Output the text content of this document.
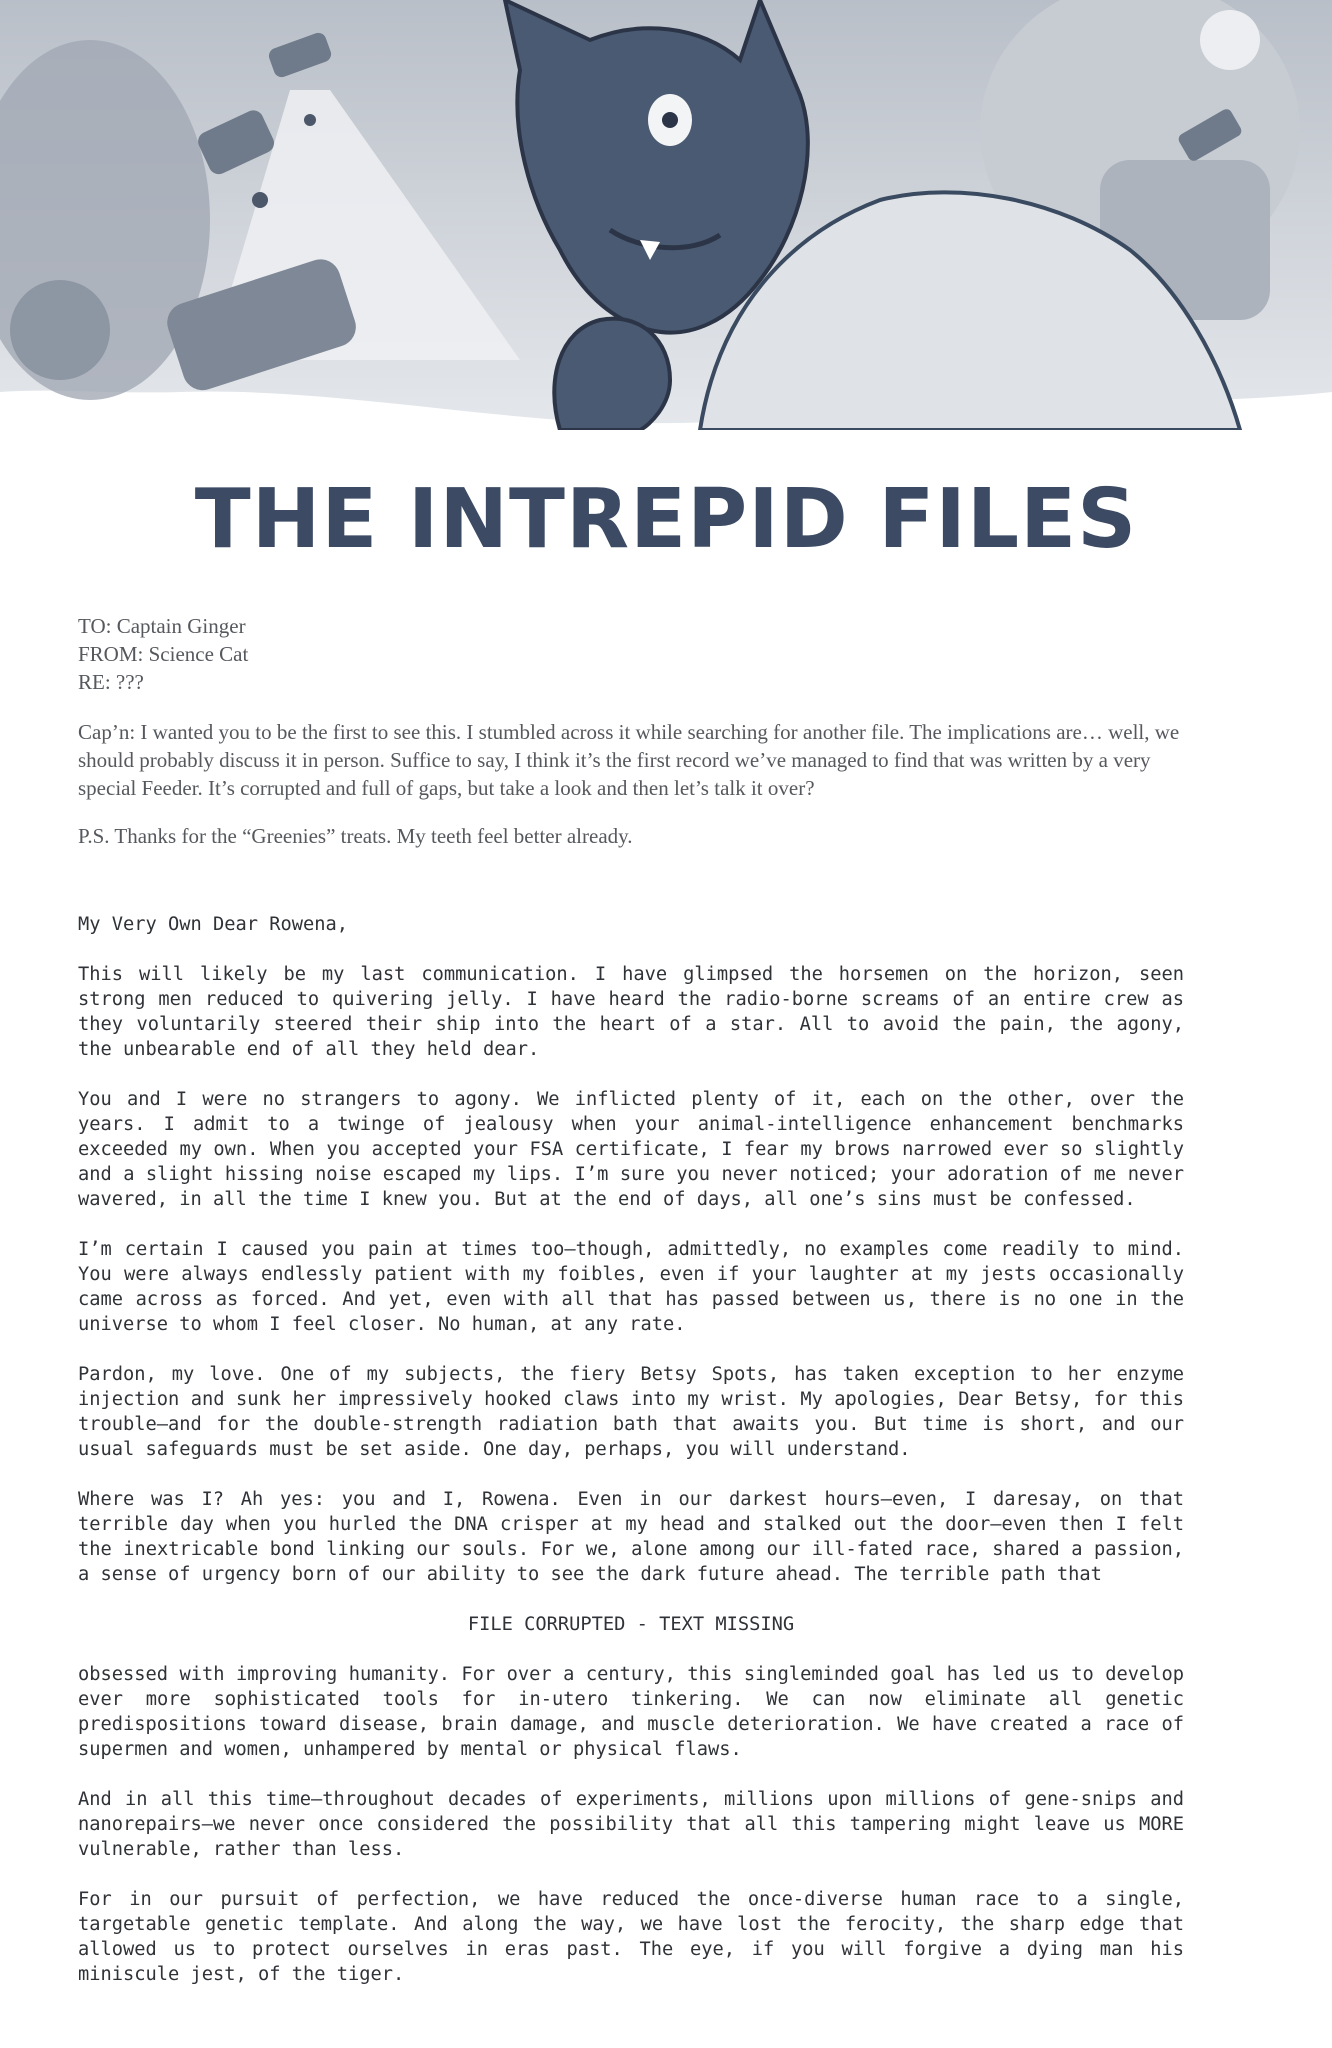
THE INTREPID FILES
TO: Captain Ginger
FROM: Science Cat
RE: ???

Cap’n: I wanted you to be the first to see this. I stumbled across it while searching for another file. The implications are… well, we should probably discuss it in person. Suffice to say, I think it’s the first record we’ve managed to find that was written by a very special Feeder. It’s corrupted and full of gaps, but take a look and then let’s talk it over?

P.S. Thanks for the “Greenies” treats. My teeth feel better already.

My Very Own Dear Rowena,

This will likely be my last communication. I have glimpsed the horsemen on the horizon, seen strong men reduced to quivering jelly. I have heard the radio-borne screams of an entire crew as they voluntarily steered their ship into the heart of a star. All to avoid the pain, the agony, the unbearable end of all they held dear.

You and I were no strangers to agony. We inflicted plenty of it, each on the other, over the years. I admit to a twinge of jealousy when your animal-intelligence enhancement benchmarks exceeded my own. When you accepted your FSA certificate, I fear my brows narrowed ever so slightly and a slight hissing noise escaped my lips. I’m sure you never noticed; your adoration of me never wavered, in all the time I knew you. But at the end of days, all one’s sins must be confessed.

I’m certain I caused you pain at times too—though, admittedly, no examples come readily to mind. You were always endlessly patient with my foibles, even if your laughter at my jests occasionally came across as forced. And yet, even with all that has passed between us, there is no one in the universe to whom I feel closer. No human, at any rate.

Pardon, my love. One of my subjects, the fiery Betsy Spots, has taken exception to her enzyme injection and sunk her impressively hooked claws into my wrist. My apologies, Dear Betsy, for this trouble—and for the double-strength radiation bath that awaits you. But time is short, and our usual safeguards must be set aside. One day, perhaps, you will understand.

Where was I? Ah yes: you and I, Rowena. Even in our darkest hours—even, I daresay, on that terrible day when you hurled the DNA crisper at my head and stalked out the door—even then I felt the inextricable bond linking our souls. For we, alone among our ill-fated race, shared a passion, a sense of urgency born of our ability to see the dark future ahead. The terrible path that

FILE CORRUPTED - TEXT MISSING

obsessed with improving humanity. For over a century, this singleminded goal has led us to develop ever more sophisticated tools for in-utero tinkering. We can now eliminate all genetic predispositions toward disease, brain damage, and muscle deterioration. We have created a race of supermen and women, unhampered by mental or physical flaws.

And in all this time—throughout decades of experiments, millions upon millions of gene-snips and nanorepairs—we never once considered the possibility that all this tampering might leave us MORE vulnerable, rather than less.

For in our pursuit of perfection, we have reduced the once-diverse human race to a single, targetable genetic template. And along the way, we have lost the ferocity, the sharp edge that allowed us to protect ourselves in eras past. The eye, if you will forgive a dying man his miniscule jest, of the tiger.
